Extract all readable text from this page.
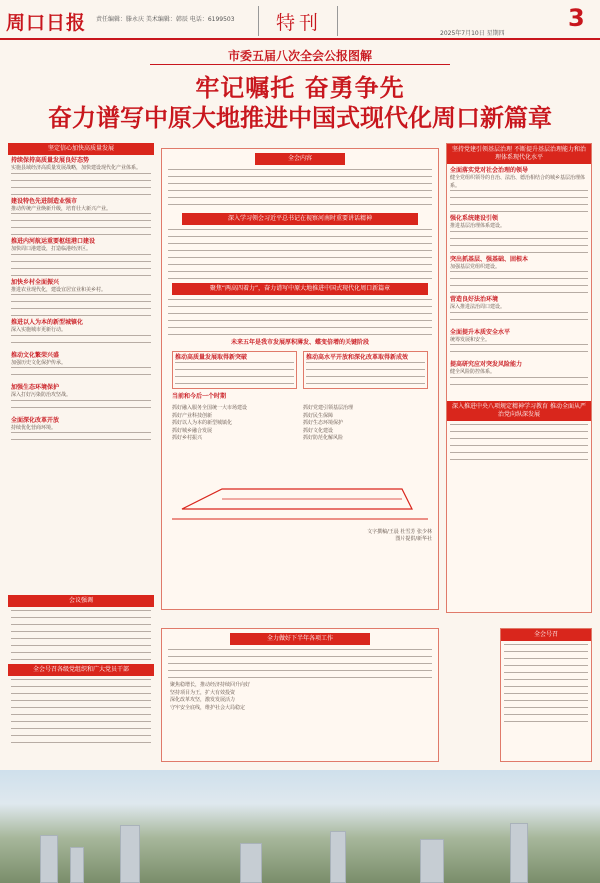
周口日报 责任编辑：滕永庆 美术编辑：韩辰 电话：6199503	特刊	2025年7月10日 星期四
3
市委五届八次全会公报图解
牢记嘱托 奋勇争先
奋力谱写中原大地推进中国式现代化周口新篇章
坚定信心加快高质量发展
持续保持高质量发展良好态势
实施县域经济高质量发展战略，加快建设现代化产业体系。
建设特色先进制造业强市
推动传统产业焕新升级，培育壮大新兴产业。
推进内河航运重要枢纽港口建设
加快周口港建设，打造临港经济区。
加快乡村全面振兴
推进农业现代化，建设宜居宜业和美乡村。
推进以人为本的新型城镇化
深入实施城市更新行动。
推动文化繁荣兴盛
加强历史文化保护传承。
加强生态环境保护
深入打好污染防治攻坚战。
全面深化改革开放
持续优化营商环境。
会议强调
全会号召各级党组织和广大党员干部
全会内容
深入学习领会习近平总书记在视察河南时重要讲话精神
聚焦“两高四着力”，奋力谱写中原大地推进中国式现代化周口新篇章
未来五年是我市发展厚积薄发、蝶变倍增的关键阶段
推动高质量发展取得新突破	推动高水平开放和深化改革取得新成效
当前和今后一个时期
抓好融入服务全国统一大市场建设
抓好产业科技创新
抓好以人为本的新型城镇化
抓好城乡融合发展
抓好乡村振兴
抓好党建引领基层治理
抓好民生保障
抓好生态环境保护
抓好文化建设
抓好防范化解风险
文字撰稿/王晨 杜雪芳 张少林
图片提供/新华社
全力做好下半年各项工作
聚焦稳增长，推动经济持续回升向好
坚持项目为王，扩大有效投资
深化改革攻坚，激发发展活力
守牢安全底线，维护社会大局稳定
坚持党建引领基层治理 不断提升基层治理能力和治理体系现代化水平
全面落实党对社会治理的领导
健全党组织领导的自治、法治、德治相结合的城乡基层治理体系。
强化系统建设引领
推进基层治理体系建设。
突出抓基层、强基础、固根本
加强基层党组织建设。
营造良好法治环境
深入推进法治周口建设。
全面提升本质安全水平
统筹发展和安全。
提高研究应对突发风险能力
健全风险防控体系。
深入推进中央八项规定精神学习教育 推动全面从严治党向纵深发展
全会号召
